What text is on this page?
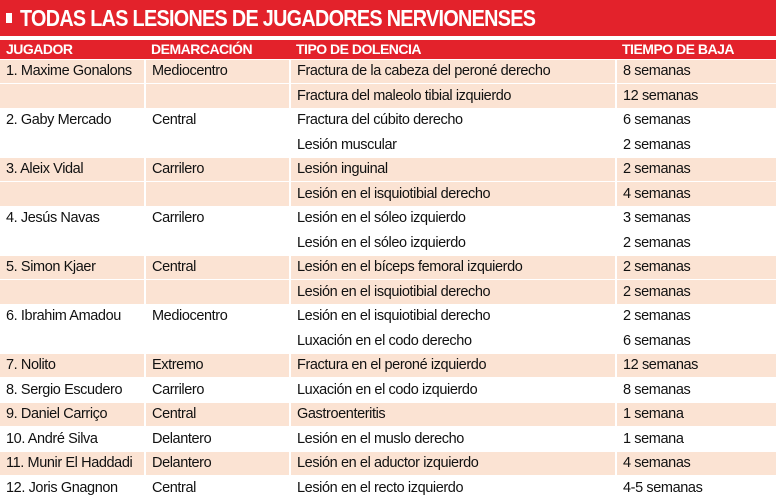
TODAS LAS LESIONES DE JUGADORES NERVIONENSES
JUGADOR	DEMARCACIÓN	TIPO DE DOLENCIA	TIEMPO DE BAJA
1. Maxime Gonalons	Mediocentro	Fractura de la cabeza del peroné derecho	8 semanas
		Fractura del maleolo tibial izquierdo	12 semanas
2. Gaby Mercado	Central	Fractura del cúbito derecho	6 semanas
		Lesión muscular	2 semanas
3. Aleix Vidal	Carrilero	Lesión inguinal	2 semanas
		Lesión en el isquiotibial derecho	4 semanas
4. Jesús Navas	Carrilero	Lesión en el sóleo izquierdo	3 semanas
		Lesión en el sóleo izquierdo	2 semanas
5. Simon Kjaer	Central	Lesión en el bíceps femoral izquierdo	2 semanas
		Lesión en el isquiotibial derecho	2 semanas
6. Ibrahim Amadou	Mediocentro	Lesión en el isquiotibial derecho	2 semanas
		Luxación en el codo derecho	6 semanas
7. Nolito	Extremo	Fractura en el peroné izquierdo	12 semanas
8. Sergio Escudero	Carrilero	Luxación en el codo izquierdo	8 semanas
9. Daniel Carriço	Central	Gastroenteritis	1 semana
10. André Silva	Delantero	Lesión en el muslo derecho	1 semana
11. Munir El Haddadi	Delantero	Lesión en el aductor izquierdo	4 semanas
12. Joris Gnagnon	Central	Lesión en el recto izquierdo	4-5 semanas
